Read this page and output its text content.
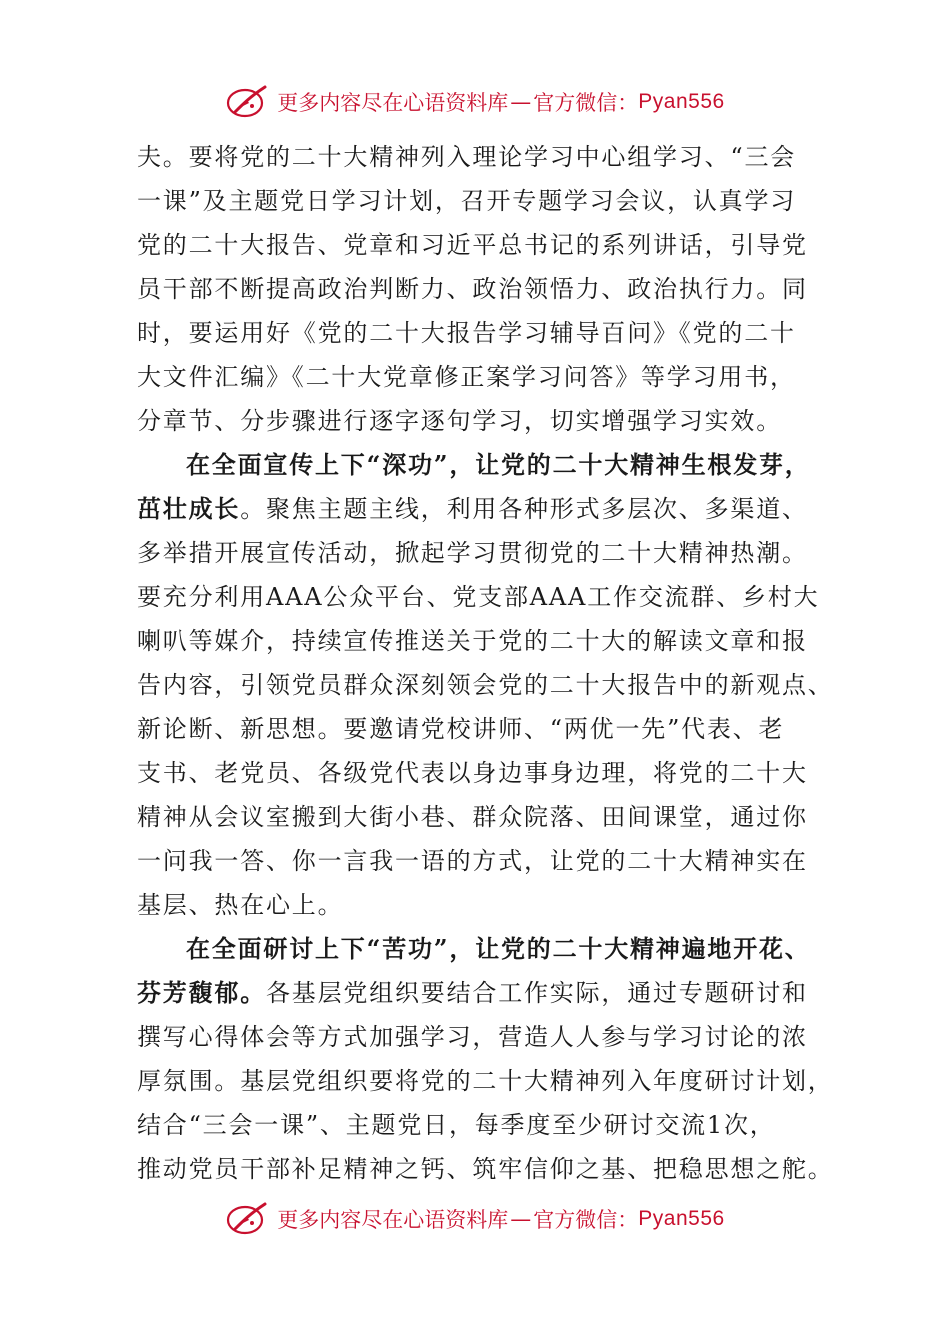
更多内容尽在心语资料库 — 官方微信： Pyan556
夫。要将党的二十大精神列入理论学习中心组学习、“三会
一课”及主题党日学习计划，召开专题学习会议，认真学习
党的二十大报告、党章和习近平总书记的系列讲话，引导党
员干部不断提高政治判断力、政治领悟力、政治执行力。同
时，要运用好《党的二十大报告学习辅导百问》《党的二十
大文件汇编》《二十大党章修正案学习问答》等学习用书，
分章节、分步骤进行逐字逐句学习，切实增强学习实效。
在全面宣传上下“深功”，让党的二十大精神生根发芽，
茁壮成长。聚焦主题主线，利用各种形式多层次、多渠道、
多举措开展宣传活动，掀起学习贯彻党的二十大精神热潮。
要充分利用AAA公众平台、党支部AAA工作交流群、乡村大
喇叭等媒介，持续宣传推送关于党的二十大的解读文章和报
告内容，引领党员群众深刻领会党的二十大报告中的新观点、
新论断、新思想。要邀请党校讲师、“两优一先”代表、老
支书、老党员、各级党代表以身边事身边理，将党的二十大
精神从会议室搬到大街小巷、群众院落、田间课堂，通过你
一问我一答、你一言我一语的方式，让党的二十大精神实在
基层、热在心上。
在全面研讨上下“苦功”，让党的二十大精神遍地开花、
芬芳馥郁。各基层党组织要结合工作实际，通过专题研讨和
撰写心得体会等方式加强学习，营造人人参与学习讨论的浓
厚氛围。基层党组织要将党的二十大精神列入年度研讨计划，
结合“三会一课”、主题党日，每季度至少研讨交流1次，
推动党员干部补足精神之钙、筑牢信仰之基、把稳思想之舵。
更多内容尽在心语资料库 — 官方微信： Pyan556
